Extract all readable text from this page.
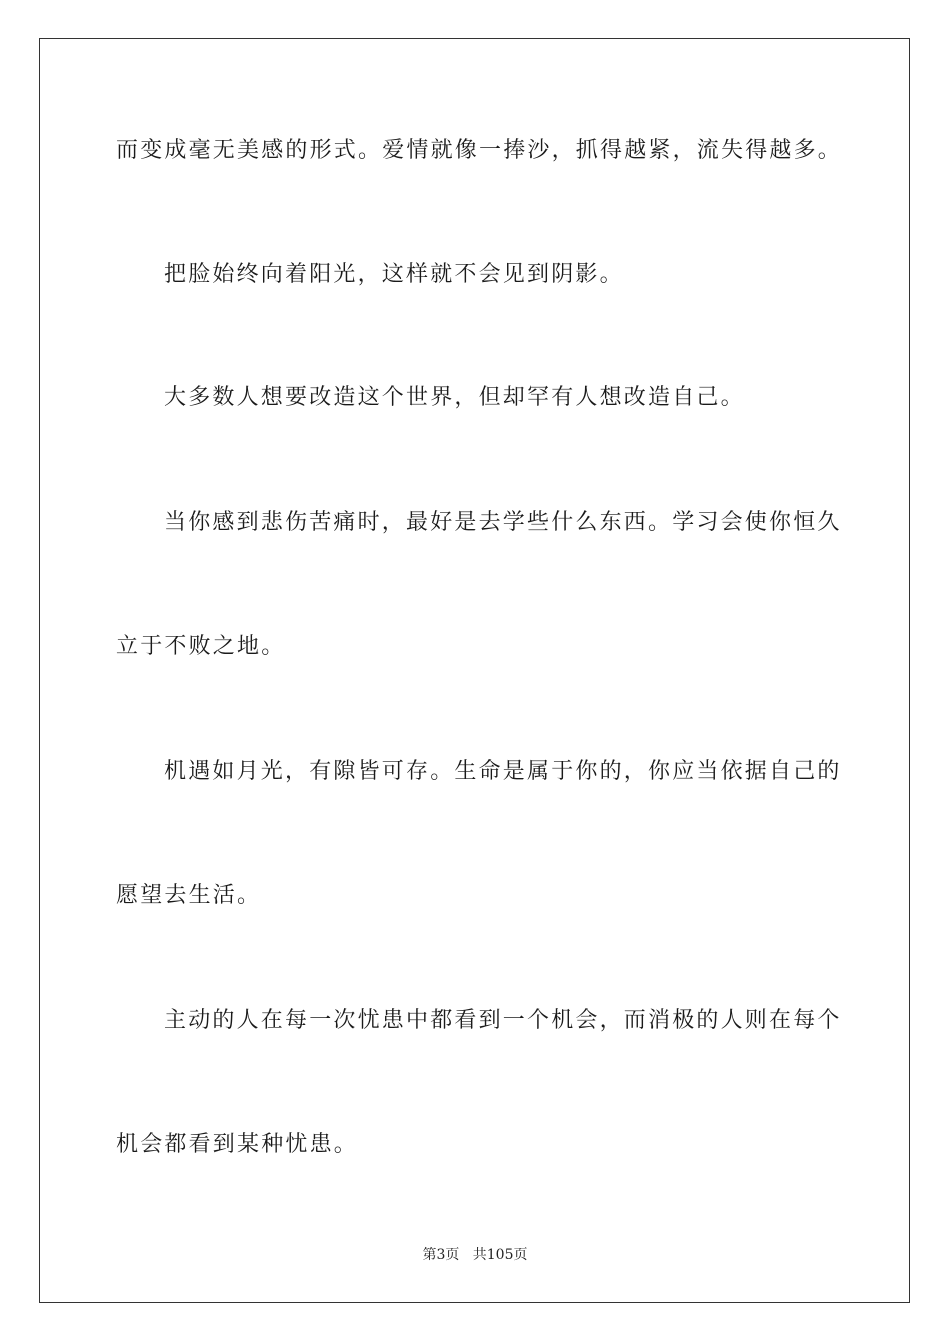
而变成毫无美感的形式。爱情就像一捧沙，抓得越紧，流失得越多。
把脸始终向着阳光，这样就不会见到阴影。
大多数人想要改造这个世界，但却罕有人想改造自己。
当你感到悲伤苦痛时，最好是去学些什么东西。学习会使你恒久
立于不败之地。
机遇如月光，有隙皆可存。生命是属于你的，你应当依据自己的
愿望去生活。
主动的人在每一次忧患中都看到一个机会，而消极的人则在每个
机会都看到某种忧患。
第3页 共105页
